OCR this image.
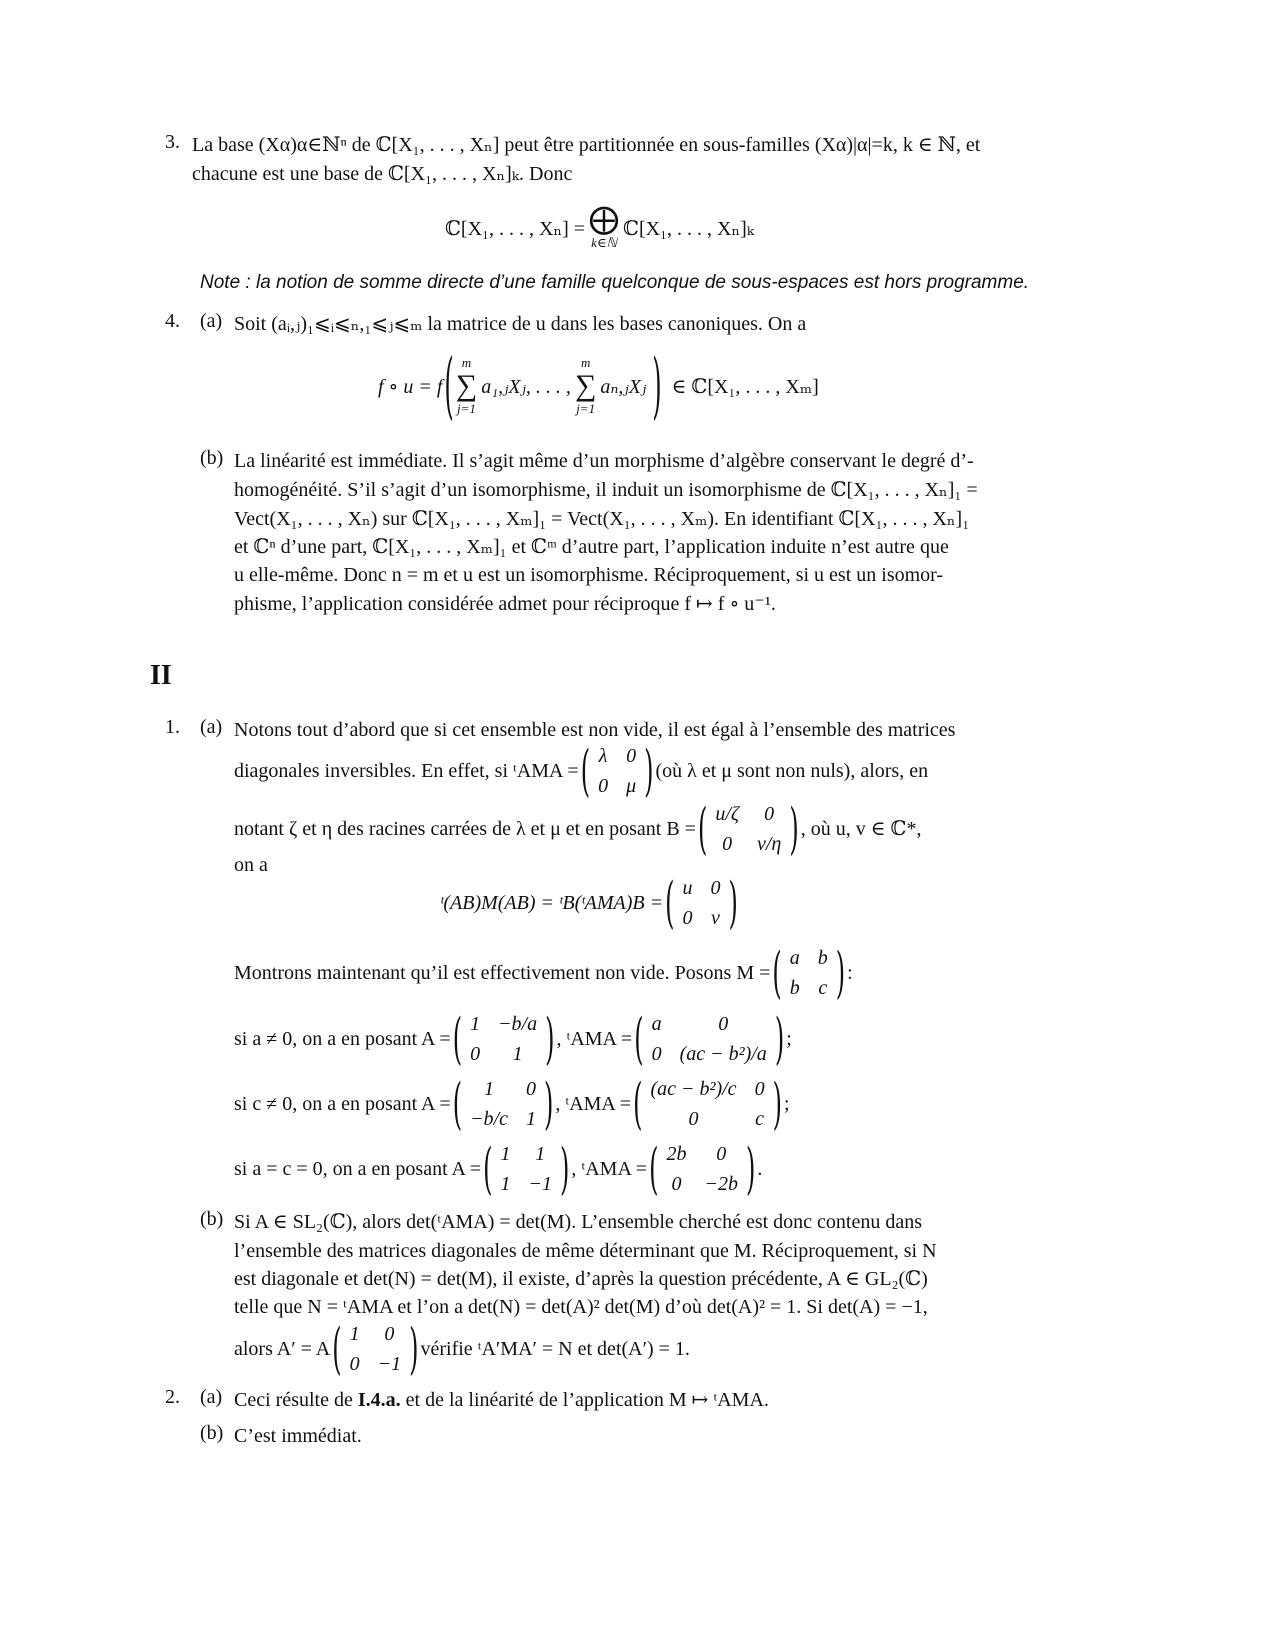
3. La base (Xα)α∈ℕⁿ de ℂ[X₁, . . . , Xₙ] peut être partitionnée en sous-familles (Xα)|α|=k, k ∈ ℕ, et
chacune est une base de ℂ[X₁, . . . , Xₙ]ₖ. Donc
ℂ[X₁, . . . , Xₙ] = ⨁
k∈ℕ
ℂ[X₁, . . . , Xₙ]ₖ
Note : la notion de somme directe d’une famille quelconque de sous-espaces est hors programme.
4. (a) Soit (aᵢ,ⱼ)₁⩽ᵢ⩽ₙ,₁⩽ⱼ⩽ₘ la matrice de u dans les bases canoniques. On a
f ∘ u = f ( m
∑
j=1
a₁,ⱼXⱼ, . . . ,
m
∑
j=1
aₙ,ⱼXⱼ ) ∈ ℂ[X₁, . . . , Xₘ]
(b) La linéarité est immédiate. Il s’agit même d’un morphisme d’algèbre conservant le degré d’-
homogénéité. S’il s’agit d’un isomorphisme, il induit un isomorphisme de ℂ[X₁, . . . , Xₙ]₁ =
Vect(X₁, . . . , Xₙ) sur ℂ[X₁, . . . , Xₘ]₁ = Vect(X₁, . . . , Xₘ). En identifiant ℂ[X₁, . . . , Xₙ]₁
et ℂⁿ d’une part, ℂ[X₁, . . . , Xₘ]₁ et ℂᵐ d’autre part, l’application induite n’est autre que
u elle-même. Donc n = m et u est un isomorphisme. Réciproquement, si u est un isomor-
phisme, l’application considérée admet pour réciproque f ↦ f ∘ u⁻¹.
II
1. (a) Notons tout d’abord que si cet ensemble est non vide, il est égal à l’ensemble des matrices
diagonales inversibles. En effet, si ᵗAMA = ( λ 0
0 μ ) (où λ et μ sont non nuls), alors, en
notant ζ et η des racines carrées de λ et μ et en posant B = ( u/ζ	0
0	v/η ) , où u, v ∈ ℂ*,
on a
ᵗ(AB)M(AB) = ᵗB(ᵗAMA)B = ( u 0
0 v )
Montrons maintenant qu’il est effectivement non vide. Posons M = ( a b
b c ) :
si a ≠ 0, on a en posant A = ( 1 −b/a
0	1 ) , ᵗAMA = ( a	0
0 (ac − b²)/a ) ;
si c ≠ 0, on a en posant A = (	1	0
−b/c 1 ) , ᵗAMA = ( (ac − b²)/c 0
0	c ) ;
si a = c = 0, on a en posant A = ( 1	1
1 −1 ) , ᵗAMA = ( 2b	0
0 −2b ) .
(b) Si A ∈ SL₂(ℂ), alors det(ᵗAMA) = det(M). L’ensemble cherché est donc contenu dans
l’ensemble des matrices diagonales de même déterminant que M. Réciproquement, si N
est diagonale et det(N) = det(M), il existe, d’après la question précédente, A ∈ GL₂(ℂ)
telle que N = ᵗAMA et l’on a det(N) = det(A)² det(M) d’où det(A)² = 1. Si det(A) = −1,
alors A′ = A ( 1	0
0 −1 ) vérifie ᵗA′MA′ = N et det(A′) = 1.
2. (a) Ceci résulte de I.4.a. et de la linéarité de l’application M ↦ ᵗAMA.
(b) C’est immédiat.
